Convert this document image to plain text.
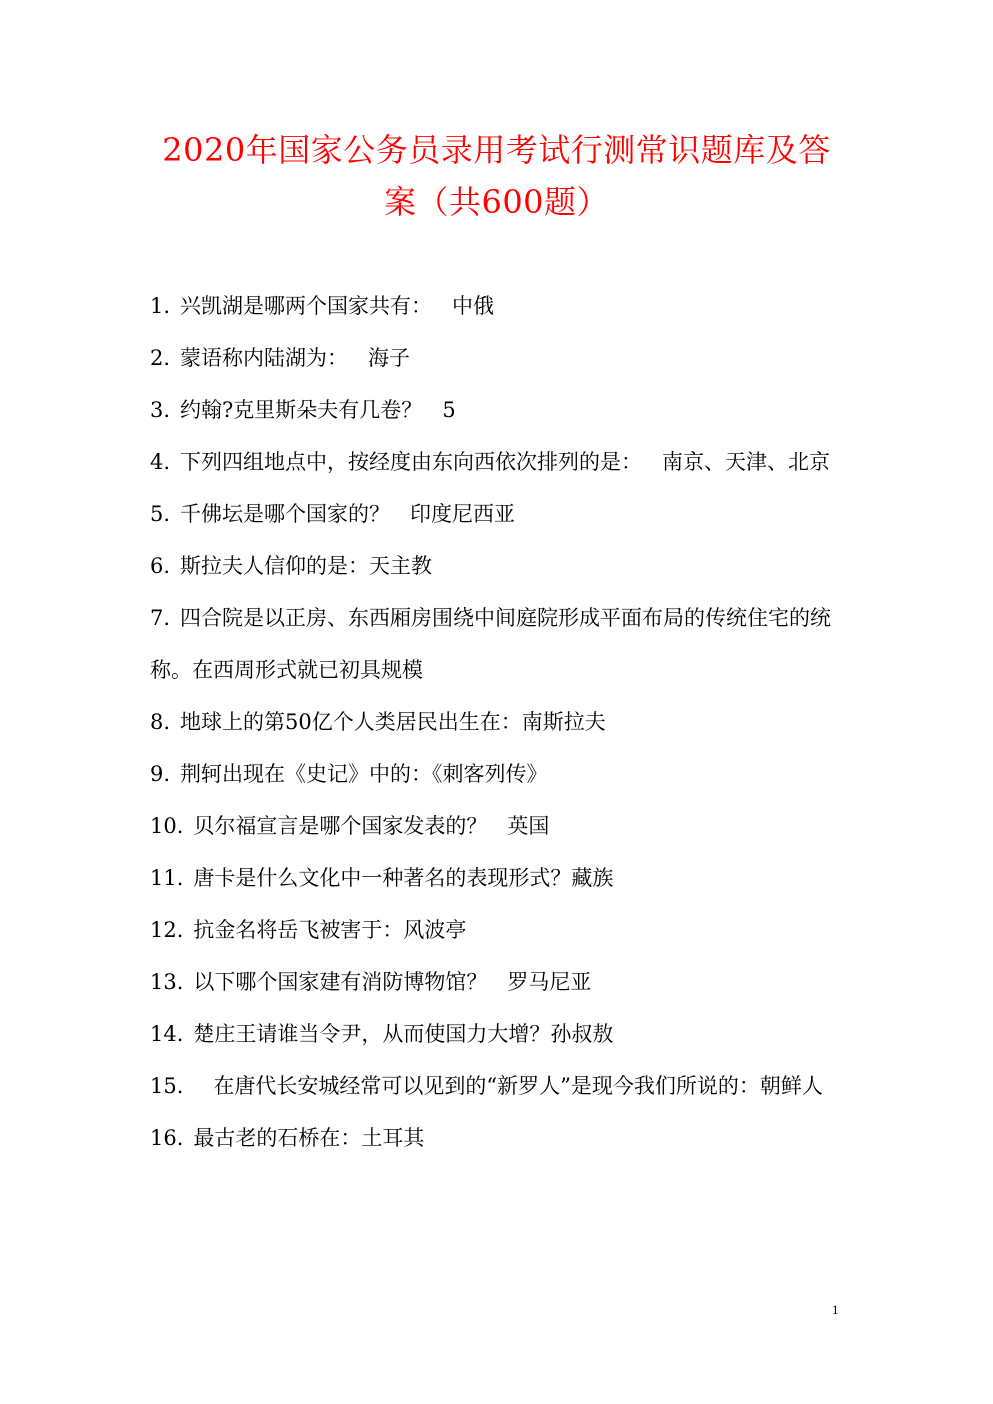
2020年国家公务员录用考试行测常识题库及答
案（共600题）
1. 兴凯湖是哪两个国家共有： 中俄
2. 蒙语称内陆湖为： 海子
3. 约翰?克里斯朵夫有几卷？ 5
4. 下列四组地点中，按经度由东向西依次排列的是： 南京、天津、北京
5. 千佛坛是哪个国家的？ 印度尼西亚
6. 斯拉夫人信仰的是：天主教
7. 四合院是以正房、东西厢房围绕中间庭院形成平面布局的传统住宅的统称。在西周形式就已初具规模
8. 地球上的第50亿个人类居民出生在：南斯拉夫
9. 荆轲出现在《史记》中的：《刺客列传》
10. 贝尔福宣言是哪个国家发表的？ 英国
11. 唐卡是什么文化中一种著名的表现形式？藏族
12. 抗金名将岳飞被害于：风波亭
13. 以下哪个国家建有消防博物馆？ 罗马尼亚
14. 楚庄王请谁当令尹，从而使国力大增？孙叔敖
15. 在唐代长安城经常可以见到的“新罗人”是现今我们所说的：朝鲜人
16. 最古老的石桥在：土耳其
1
